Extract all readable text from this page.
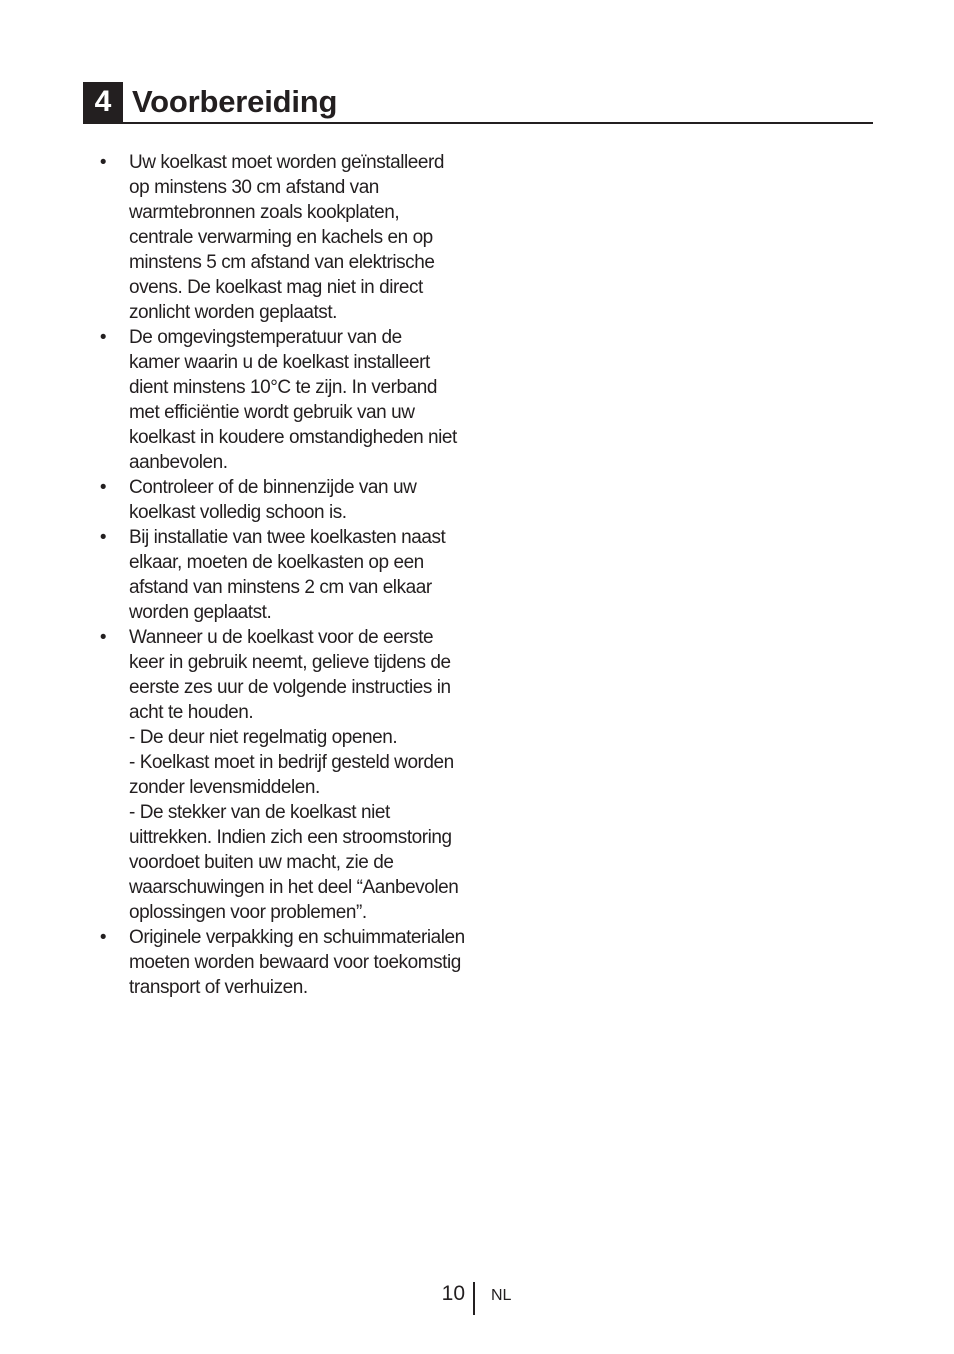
4 Voorbereiding
• Uw koelkast moet worden geïnstalleerd
op minstens 30 cm afstand van
warmtebronnen zoals kookplaten,
centrale verwarming en kachels en op
minstens 5 cm afstand van elektrische
ovens. De koelkast mag niet in direct
zonlicht worden geplaatst.
• De omgevingstemperatuur van de
kamer waarin u de koelkast installeert
dient minstens 10°C te zijn. In verband
met efficiëntie wordt gebruik van uw
koelkast in koudere omstandigheden niet
aanbevolen.
• Controleer of de binnenzijde van uw
koelkast volledig schoon is.
• Bij installatie van twee koelkasten naast
elkaar, moeten de koelkasten op een
afstand van minstens 2 cm van elkaar
worden geplaatst.
• Wanneer u de koelkast voor de eerste
keer in gebruik neemt, gelieve tijdens de
eerste zes uur de volgende instructies in
acht te houden.
- De deur niet regelmatig openen.
- Koelkast moet in bedrijf gesteld worden
zonder levensmiddelen.
- De stekker van de koelkast niet
uittrekken. Indien zich een stroomstoring
voordoet buiten uw macht, zie de
waarschuwingen in het deel “Aanbevolen
oplossingen voor problemen”.
• Originele verpakking en schuimmaterialen
moeten worden bewaard voor toekomstig
transport of verhuizen.
10 NL
